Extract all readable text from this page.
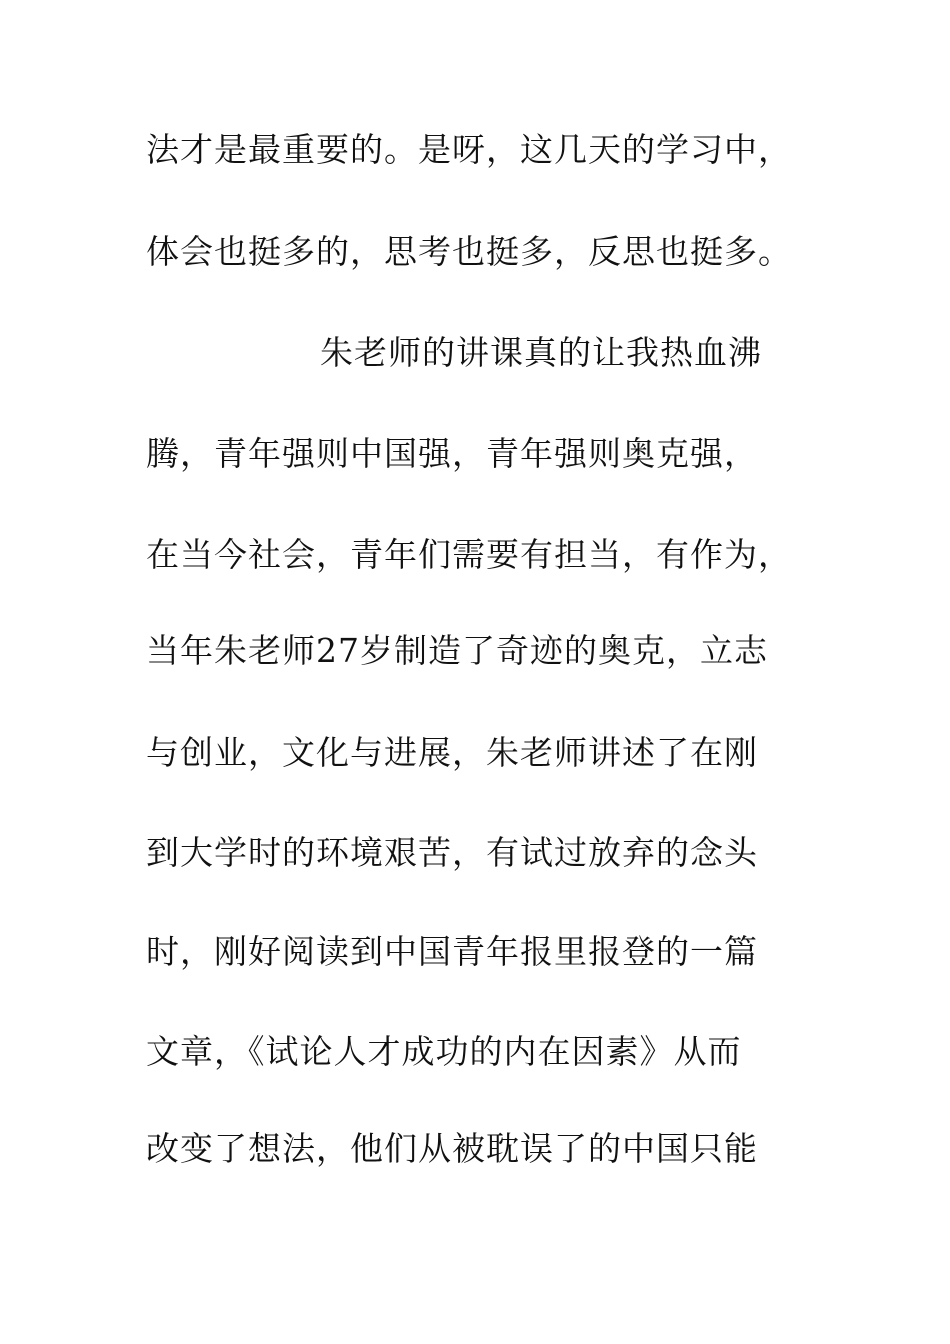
法才是最重要的。是呀，这几天的学习中，
体会也挺多的，思考也挺多，反思也挺多。
朱老师的讲课真的让我热血沸
腾，青年强则中国强，青年强则奥克强，
在当今社会，青年们需要有担当，有作为，
当年朱老师27岁制造了奇迹的奥克，立志
与创业，文化与进展，朱老师讲述了在刚
到大学时的环境艰苦，有试过放弃的念头
时，刚好阅读到中国青年报里报登的一篇
文章，《试论人才成功的内在因素》从而
改变了想法，他们从被耽误了的中国只能
